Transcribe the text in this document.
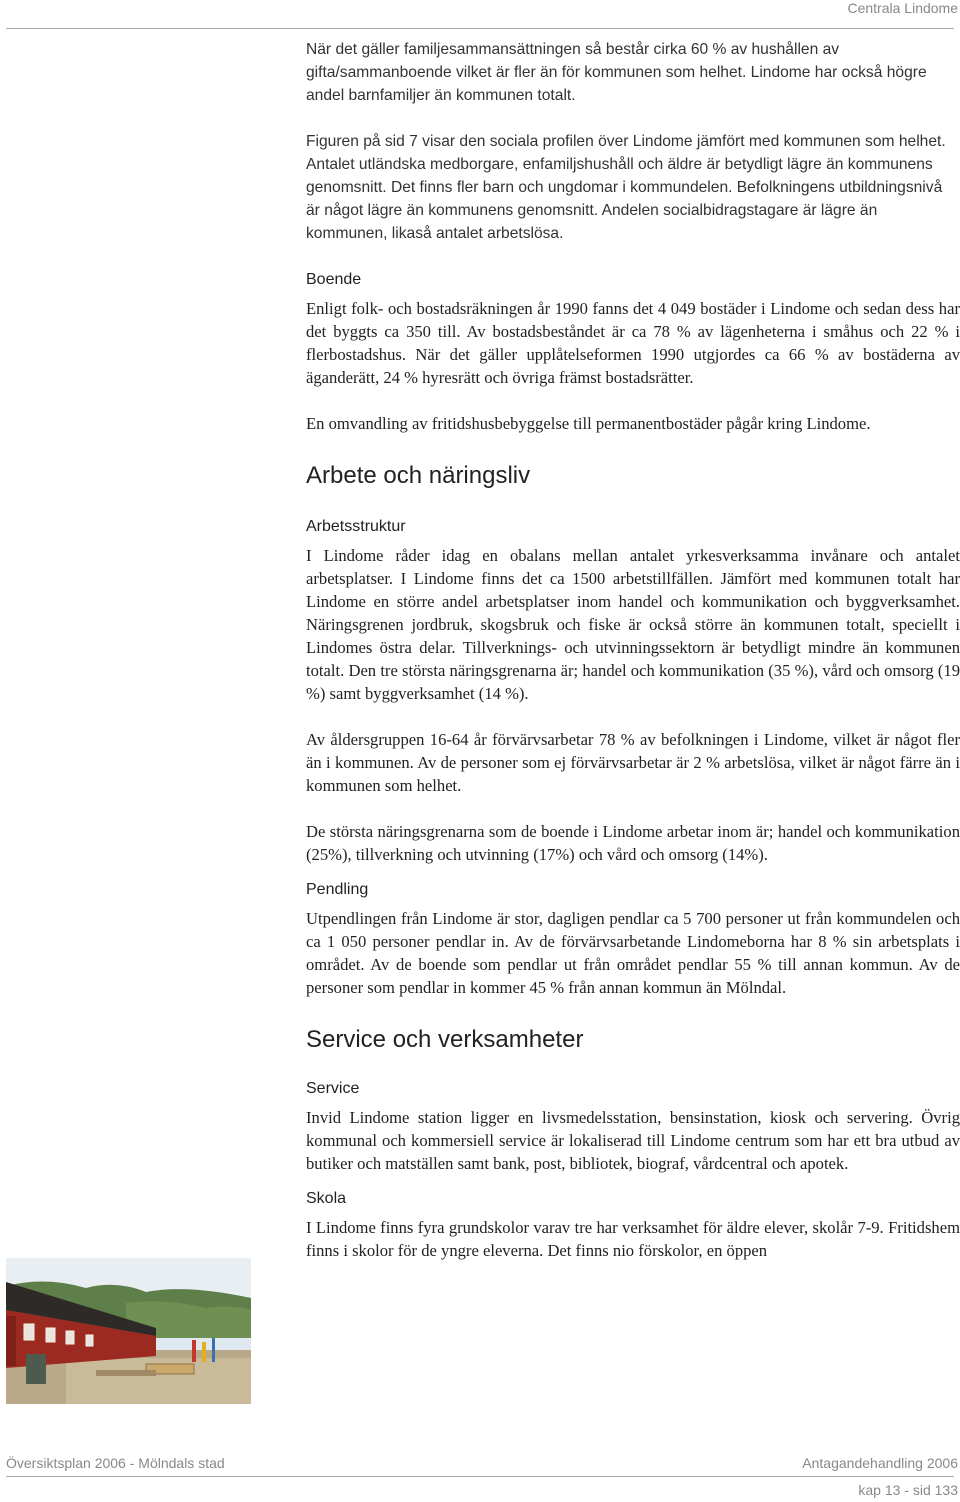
Centrala Lindome

När det gäller familjesammansättningen så består cirka 60 % av hushållen av gifta/sammanboende vilket är fler än för kommunen som helhet. Lindome har också högre andel barnfamiljer än kommunen totalt.

Figuren på sid 7 visar den sociala profilen över Lindome jämfört med kommunen som helhet. Antalet utländska medborgare, enfamiljshushåll och äldre är betydligt lägre än kommunens genomsnitt. Det finns fler barn och ungdomar i kommundelen. Befolkningens utbildningsnivå är något lägre än kommunens genomsnitt. Andelen socialbidragstagare är lägre än kommunen, likaså antalet arbetslösa.

Boende

Enligt folk- och bostadsräkningen år 1990 fanns det 4 049 bostäder i Lindome och sedan dess har det byggts ca 350 till. Av bostadsbeståndet är ca 78 % av lägenheterna i småhus och 22 % i flerbostadshus. När det gäller upplåtelseformen 1990 utgjordes ca 66 % av bostäderna av äganderätt, 24 % hyresrätt och övriga främst bostadsrätter.

En omvandling av fritidshusbebyggelse till permanentbostäder pågår kring Lindome.

Arbete och näringsliv
Arbetsstruktur

I Lindome råder idag en obalans mellan antalet yrkesverksamma invånare och antalet arbetsplatser. I Lindome finns det ca 1500 arbetstillfällen. Jämfört med kommunen totalt har Lindome en större andel arbetsplatser inom handel och kommunikation och byggverksamhet. Näringsgrenen jordbruk, skogsbruk och fiske är också större än kommunen totalt, speciellt i Lindomes östra delar. Tillverknings- och utvinningssektorn är betydligt mindre än kommunen totalt. Den tre största näringsgrenarna är; handel och kommunikation (35 %), vård och omsorg (19 %) samt byggverksamhet (14 %).

Av åldersgruppen 16-64 år förvärvsarbetar 78 % av befolkningen i Lindome, vilket är något fler än i kommunen. Av de personer som ej förvärvsarbetar är 2 % arbetslösa, vilket är något färre än i kommunen som helhet.

De största näringsgrenarna som de boende i Lindome arbetar inom är; handel och kommunikation (25%), tillverkning och utvinning (17%) och vård och omsorg (14%).

Pendling

Utpendlingen från Lindome är stor, dagligen pendlar ca 5 700 personer ut från kommundelen och ca 1 050 personer pendlar in. Av de förvärvsarbetande Lindomeborna har 8 % sin arbetsplats i området. Av de boende som pendlar ut från området pendlar 55 % till annan kommun. Av de personer som pendlar in kommer 45 % från annan kommun än Mölndal.

Service och verksamheter
Service

Invid Lindome station ligger en livsmedelsstation, bensinstation, kiosk och servering. Övrig kommunal och kommersiell service är lokaliserad till Lindome centrum som har ett bra utbud av butiker och matställen samt bank, post, bibliotek, biograf, vårdcentral och apotek.

Skola

I Lindome finns fyra grundskolor varav tre har verksamhet för äldre elever, skolår 7-9. Fritidshem finns i skolor för de yngre eleverna. Det finns nio förskolor, en öppen

Översiktsplan 2006 - Mölndals stad	Antagandehandling 2006
kap 13 - sid 133
